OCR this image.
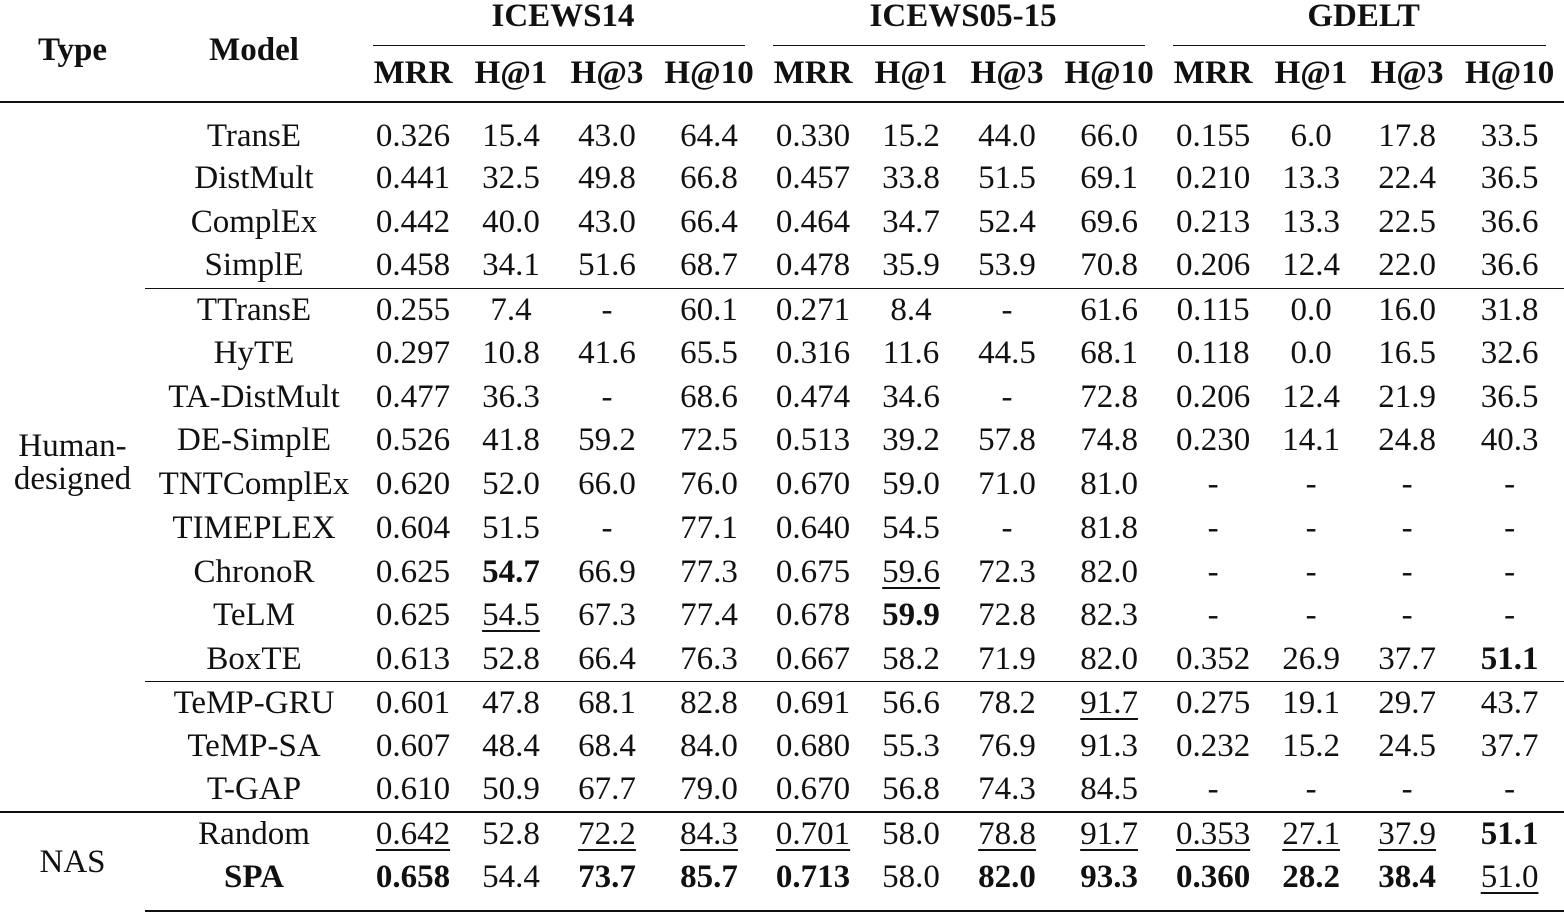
Type	Model	ICEWS14				ICEWS05-15				GDELT			

		MRR	H@1	H@3	H@10	MRR	H@1	H@3	H@10	MRR	H@1	H@3	H@10

Human-
designed	TransE	0.326	15.4	43.0	64.4	0.330	15.2	44.0	66.0	0.155	6.0	17.8	33.5
	DistMult	0.441	32.5	49.8	66.8	0.457	33.8	51.5	69.1	0.210	13.3	22.4	36.5
	ComplEx	0.442	40.0	43.0	66.4	0.464	34.7	52.4	69.6	0.213	13.3	22.5	36.6
	SimplE	0.458	34.1	51.6	68.7	0.478	35.9	53.9	70.8	0.206	12.4	22.0	36.6
	TTransE	0.255	7.4	-	60.1	0.271	8.4	-	61.6	0.115	0.0	16.0	31.8
	HyTE	0.297	10.8	41.6	65.5	0.316	11.6	44.5	68.1	0.118	0.0	16.5	32.6
	TA-DistMult	0.477	36.3	-	68.6	0.474	34.6	-	72.8	0.206	12.4	21.9	36.5
	DE-SimplE	0.526	41.8	59.2	72.5	0.513	39.2	57.8	74.8	0.230	14.1	24.8	40.3
	TNTComplEx	0.620	52.0	66.0	76.0	0.670	59.0	71.0	81.0	-	-	-	-
	TIMEPLEX	0.604	51.5	-	77.1	0.640	54.5	-	81.8	-	-	-	-
	ChronoR	0.625	54.7	66.9	77.3	0.675	59.6	72.3	82.0	-	-	-	-
	TeLM	0.625	54.5	67.3	77.4	0.678	59.9	72.8	82.3	-	-	-	-
	BoxTE	0.613	52.8	66.4	76.3	0.667	58.2	71.9	82.0	0.352	26.9	37.7	51.1
	TeMP-GRU	0.601	47.8	68.1	82.8	0.691	56.6	78.2	91.7	0.275	19.1	29.7	43.7
	TeMP-SA	0.607	48.4	68.4	84.0	0.680	55.3	76.9	91.3	0.232	15.2	24.5	37.7
	T-GAP	0.610	50.9	67.7	79.0	0.670	56.8	74.3	84.5	-	-	-	-
NAS	Random	0.642	52.8	72.2	84.3	0.701	58.0	78.8	91.7	0.353	27.1	37.9	51.1
	SPA	0.658	54.4	73.7	85.7	0.713	58.0	82.0	93.3	0.360	28.2	38.4	51.0
